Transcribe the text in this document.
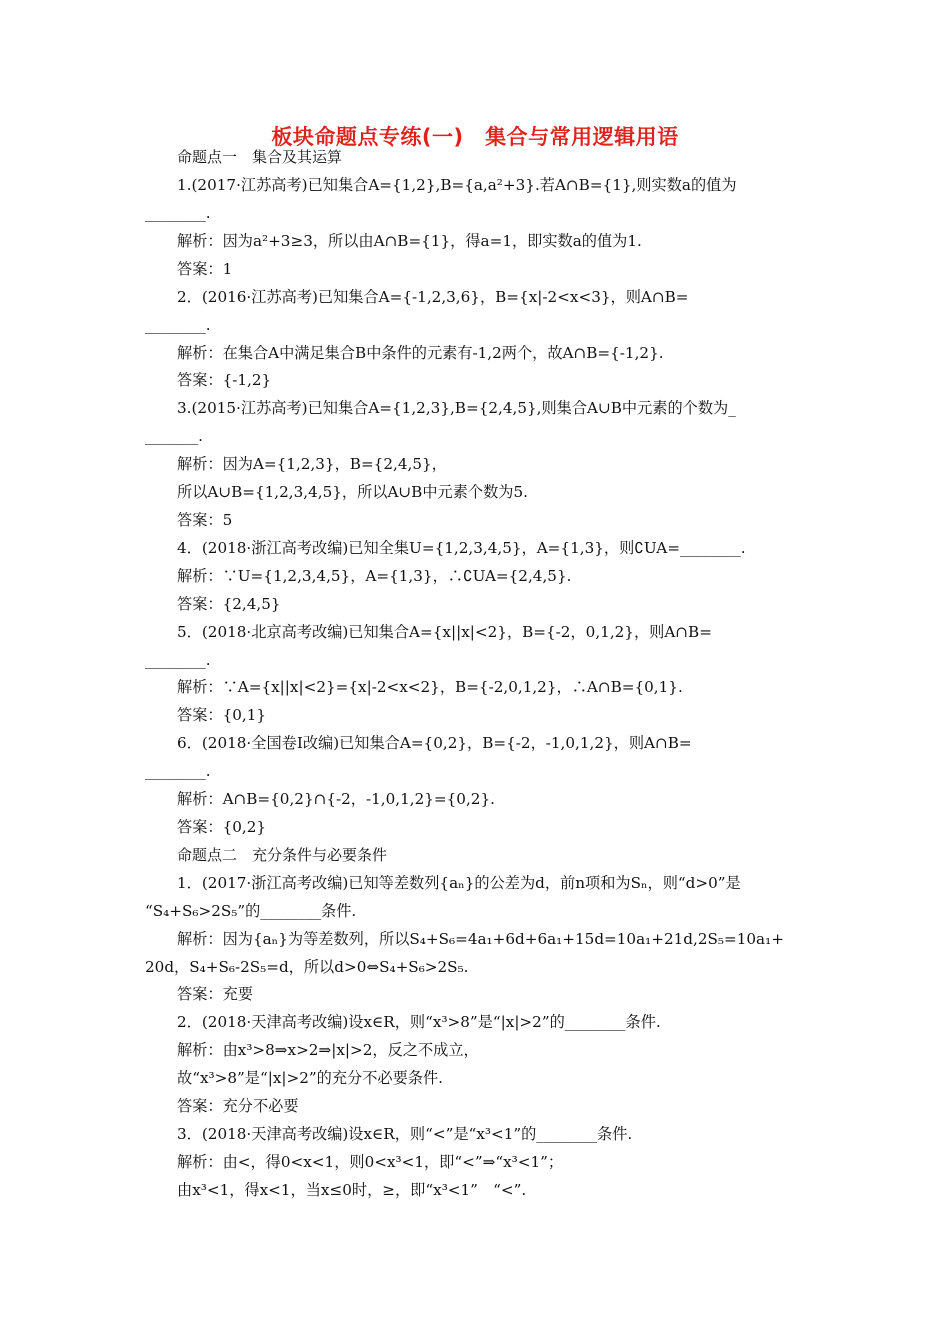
板块命题点专练(一)　集合与常用逻辑用语
命题点一　集合及其运算
1.(2017·江苏高考)已知集合A={1,2},B={a,a²+3}.若A∩B={1},则实数a的值为
________.
解析：因为a²+3≥3，所以由A∩B={1}，得a=1，即实数a的值为1.
答案：1
2．(2016·江苏高考)已知集合A={-1,2,3,6}，B={x|-2<x<3}，则A∩B=
________.
解析：在集合A中满足集合B中条件的元素有-1,2两个，故A∩B={-1,2}.
答案：{-1,2}
3.(2015·江苏高考)已知集合A={1,2,3},B={2,4,5},则集合A∪B中元素的个数为_
_______.
解析：因为A={1,2,3}，B={2,4,5}，
所以A∪B={1,2,3,4,5}，所以A∪B中元素个数为5.
答案：5
4．(2018·浙江高考改编)已知全集U={1,2,3,4,5}，A={1,3}，则∁UA=________.
解析：∵U={1,2,3,4,5}，A={1,3}，∴∁UA={2,4,5}.
答案：{2,4,5}
5．(2018·北京高考改编)已知集合A={x||x|<2}，B={-2，0,1,2}，则A∩B=
________.
解析：∵A={x||x|<2}={x|-2<x<2}，B={-2,0,1,2}，∴A∩B={0,1}.
答案：{0,1}
6．(2018·全国卷Ⅰ改编)已知集合A={0,2}，B={-2，-1,0,1,2}，则A∩B=
________.
解析：A∩B={0,2}∩{-2，-1,0,1,2}={0,2}.
答案：{0,2}
命题点二　充分条件与必要条件
1．(2017·浙江高考改编)已知等差数列{aₙ}的公差为d，前n项和为Sₙ，则“d>0”是
“S₄+S₆>2S₅”的________条件.
解析：因为{aₙ}为等差数列，所以S₄+S₆=4a₁+6d+6a₁+15d=10a₁+21d,2S₅=10a₁+
20d，S₄+S₆-2S₅=d，所以d>0⇔S₄+S₆>2S₅.
答案：充要
2．(2018·天津高考改编)设x∈R，则“x³>8”是“|x|>2”的________条件.
解析：由x³>8⇒x>2⇒|x|>2，反之不成立，
故“x³>8”是“|x|>2”的充分不必要条件.
答案：充分不必要
3．(2018·天津高考改编)设x∈R，则“<”是“x³<1”的________条件.
解析：由<，得0<x<1，则0<x³<1，即“<”⇒“x³<1”；
由x³<1，得x<1，当x≤0时，≥，即“x³<1”　“<”.
